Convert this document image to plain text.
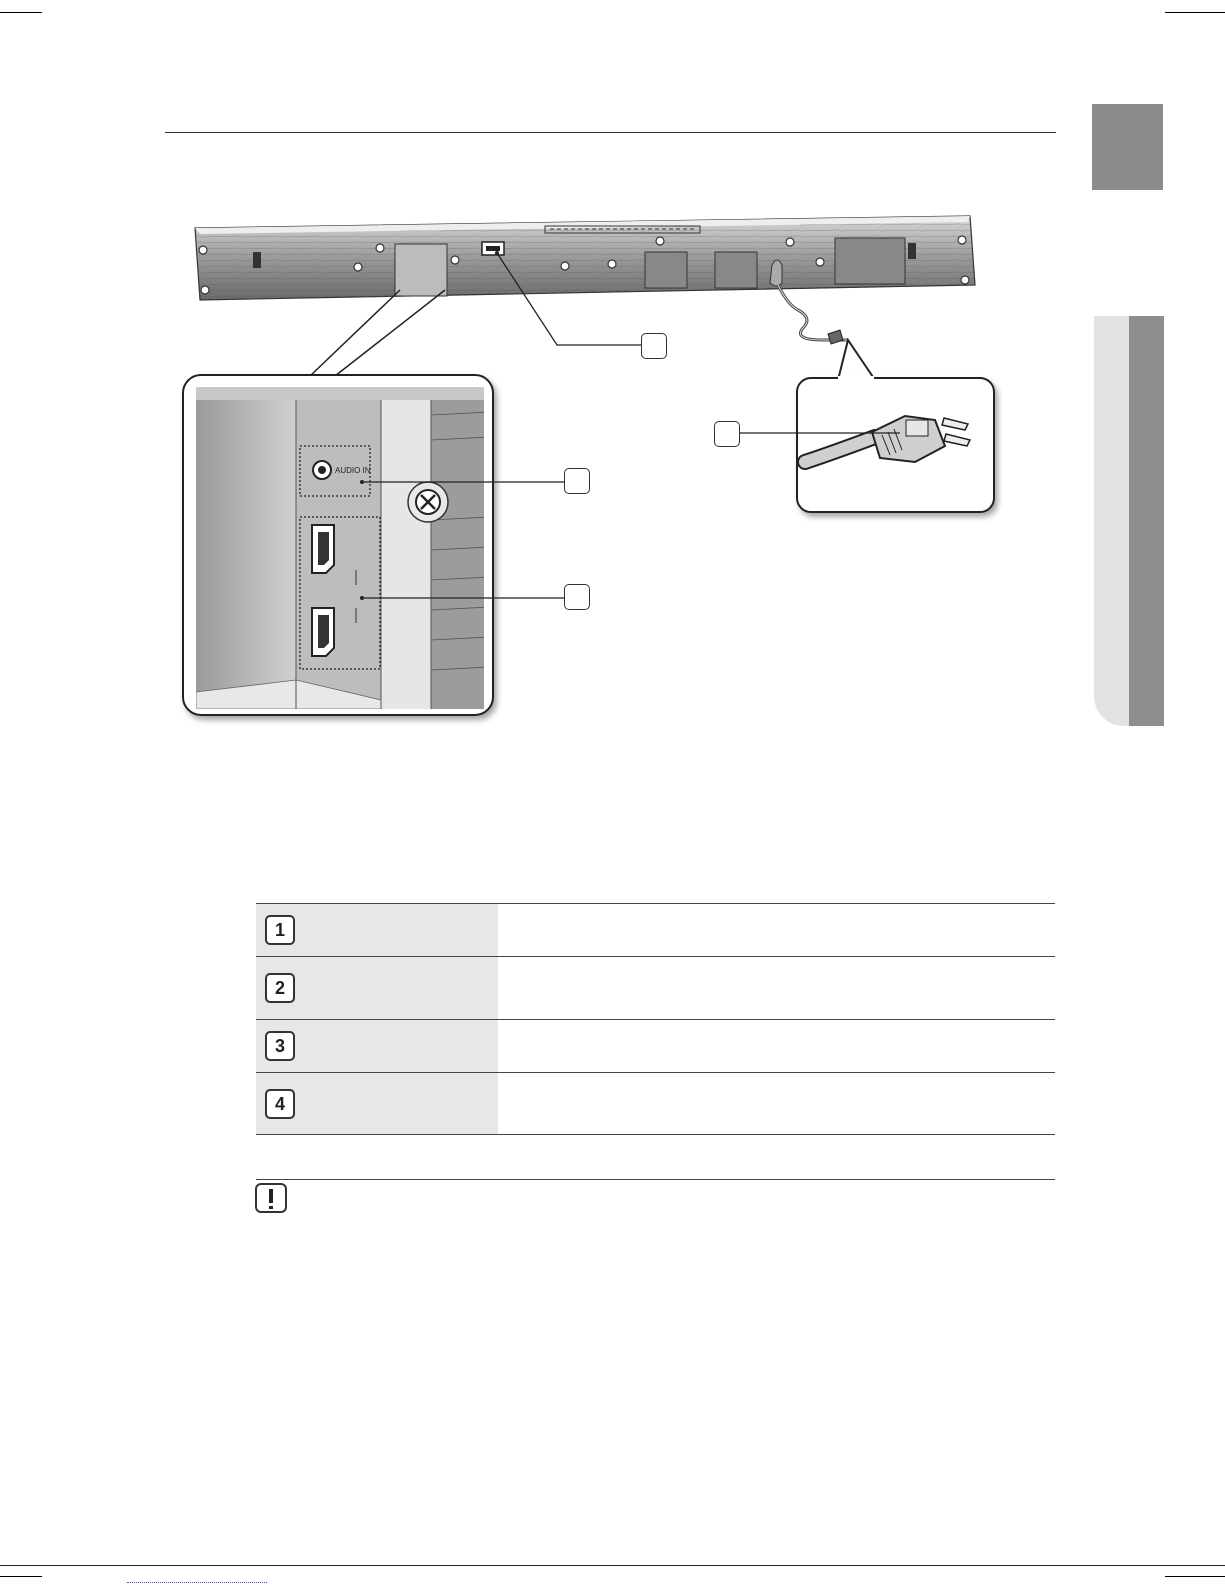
AUDIO IN
1	
2	
3	
4	
